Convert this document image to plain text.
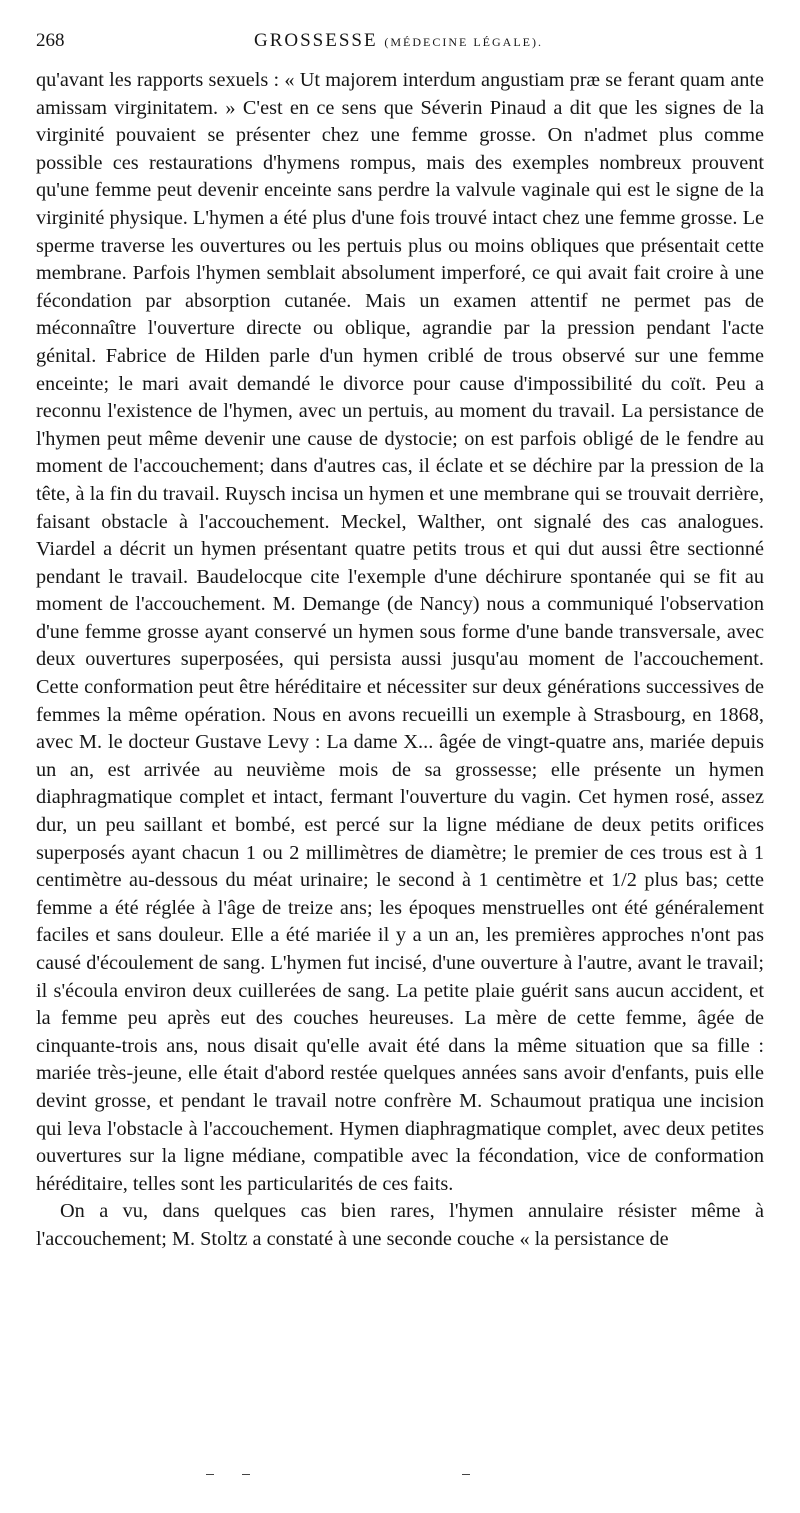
268	GROSSESSE (MÉDECINE LÉGALE).

qu'avant les rapports sexuels : « Ut majorem interdum angustiam præ se ferant quam ante amissam virginitatem. » C'est en ce sens que Séverin Pinaud a dit que les signes de la virginité pouvaient se présenter chez une femme grosse. On n'admet plus comme possible ces restaurations d'hymens rompus, mais des exemples nombreux prouvent qu'une femme peut devenir enceinte sans perdre la valvule vaginale qui est le signe de la virginité physique. L'hymen a été plus d'une fois trouvé intact chez une femme grosse. Le sperme traverse les ouvertures ou les pertuis plus ou moins obliques que présentait cette membrane. Parfois l'hymen semblait absolument imperforé, ce qui avait fait croire à une fécondation par absorption cutanée. Mais un examen attentif ne permet pas de méconnaître l'ouverture directe ou oblique, agrandie par la pression pendant l'acte génital. Fabrice de Hilden parle d'un hymen criblé de trous observé sur une femme enceinte; le mari avait demandé le divorce pour cause d'impossibilité du coït. Peu a reconnu l'existence de l'hymen, avec un pertuis, au moment du travail. La persistance de l'hymen peut même devenir une cause de dystocie; on est parfois obligé de le fendre au moment de l'accouchement; dans d'autres cas, il éclate et se déchire par la pression de la tête, à la fin du travail. Ruysch incisa un hymen et une membrane qui se trouvait derrière, faisant obstacle à l'accouchement. Meckel, Walther, ont signalé des cas analogues. Viardel a décrit un hymen présentant quatre petits trous et qui dut aussi être sectionné pendant le travail. Baudelocque cite l'exemple d'une déchirure spontanée qui se fit au moment de l'accouchement. M. Demange (de Nancy) nous a communiqué l'observation d'une femme grosse ayant conservé un hymen sous forme d'une bande transversale, avec deux ouvertures superposées, qui persista aussi jusqu'au moment de l'accouchement. Cette conformation peut être héréditaire et nécessiter sur deux générations successives de femmes la même opération. Nous en avons recueilli un exemple à Strasbourg, en 1868, avec M. le docteur Gustave Levy : La dame X... âgée de vingt-quatre ans, mariée depuis un an, est arrivée au neuvième mois de sa grossesse; elle présente un hymen diaphragmatique complet et intact, fermant l'ouverture du vagin. Cet hymen rosé, assez dur, un peu saillant et bombé, est percé sur la ligne médiane de deux petits orifices superposés ayant chacun 1 ou 2 millimètres de diamètre; le premier de ces trous est à 1 centimètre au-dessous du méat urinaire; le second à 1 centimètre et 1/2 plus bas; cette femme a été réglée à l'âge de treize ans; les époques menstruelles ont été généralement faciles et sans douleur. Elle a été mariée il y a un an, les premières approches n'ont pas causé d'écoulement de sang. L'hymen fut incisé, d'une ouverture à l'autre, avant le travail; il s'écoula environ deux cuillerées de sang. La petite plaie guérit sans aucun accident, et la femme peu après eut des couches heureuses. La mère de cette femme, âgée de cinquante-trois ans, nous disait qu'elle avait été dans la même situation que sa fille : mariée très-jeune, elle était d'abord restée quelques années sans avoir d'enfants, puis elle devint grosse, et pendant le travail notre confrère M. Schaumout pratiqua une incision qui leva l'obstacle à l'accouchement. Hymen diaphragmatique complet, avec deux petites ouvertures sur la ligne médiane, compatible avec la fécondation, vice de conformation héréditaire, telles sont les particularités de ces faits.

On a vu, dans quelques cas bien rares, l'hymen annulaire résister même à l'accouchement; M. Stoltz a constaté à une seconde couche « la persistance de
